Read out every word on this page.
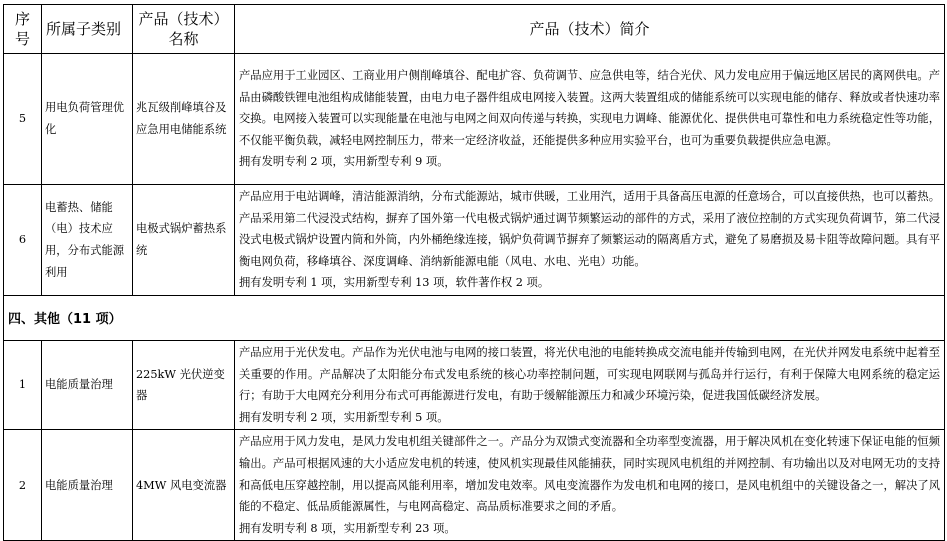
序号	所属子类别	产品（技术）名称	产品（技术）简介
5	用电负荷管理优化	兆瓦级削峰填谷及应急用电储能系统	产品应用于工业园区、工商业用户侧削峰填谷、配电扩容、负荷调节、应急供电等，结合光伏、风力发电应用于偏远地区居民的离网供电。产品由磷酸铁锂电池组构成储能装置，由电力电子器件组成电网接入装置。这两大装置组成的储能系统可以实现电能的储存、释放或者快速功率交换。电网接入装置可以实现能量在电池与电网之间双向传递与转换，实现电力调峰、能源优化、提供供电可靠性和电力系统稳定性等功能，不仅能平衡负载，减轻电网控制压力，带来一定经济收益，还能提供多种应用实验平台，也可为重要负载提供应急电源。

拥有发明专利 2 项，实用新型专利 9 项。

6	电蓄热、储能（电）技术应用，分布式能源利用	电极式锅炉蓄热系统	产品应用于电站调峰，清洁能源消纳，分布式能源站，城市供暖，工业用汽，适用于具备高压电源的任意场合，可以直接供热，也可以蓄热。产品采用第二代浸没式结构，摒弃了国外第一代电极式锅炉通过调节频繁运动的部件的方式，采用了液位控制的方式实现负荷调节，第二代浸没式电极式锅炉设置内筒和外筒，内外桶绝缘连接，锅炉负荷调节摒弃了频繁运动的隔离盾方式，避免了易磨损及易卡阻等故障问题。具有平衡电网负荷，移峰填谷、深度调峰、消纳新能源电能（风电、水电、光电）功能。

拥有发明专利 1 项，实用新型专利 13 项，软件著作权 2 项。

四、其他（11 项）			
1	电能质量治理	225kW 光伏逆变器	产品应用于光伏发电。产品作为光伏电池与电网的接口装置，将光伏电池的电能转换成交流电能并传输到电网，在光伏并网发电系统中起着至关重要的作用。产品解决了太阳能分布式发电系统的核心功率控制问题，可实现电网联网与孤岛并行运行，有利于保障大电网系统的稳定运行；有助于大电网充分利用分布式可再能源进行发电，有助于缓解能源压力和减少环境污染，促进我国低碳经济发展。

拥有发明专利 2 项，实用新型专利 5 项。

2	电能质量治理	4MW 风电变流器	产品应用于风力发电，是风力发电机组关键部件之一。产品分为双馈式变流器和全功率型变流器，用于解决风机在变化转速下保证电能的恒频输出。产品可根据风速的大小适应发电机的转速，使风机实现最佳风能捕获，同时实现风电机组的并网控制、有功输出以及对电网无功的支持和高低电压穿越控制，用以提高风能利用率，增加发电效率。风电变流器作为发电机和电网的接口，是风电机组中的关键设备之一，解决了风能的不稳定、低品质能源属性，与电网高稳定、高品质标准要求之间的矛盾。

拥有发明专利 8 项，实用新型专利 23 项。
